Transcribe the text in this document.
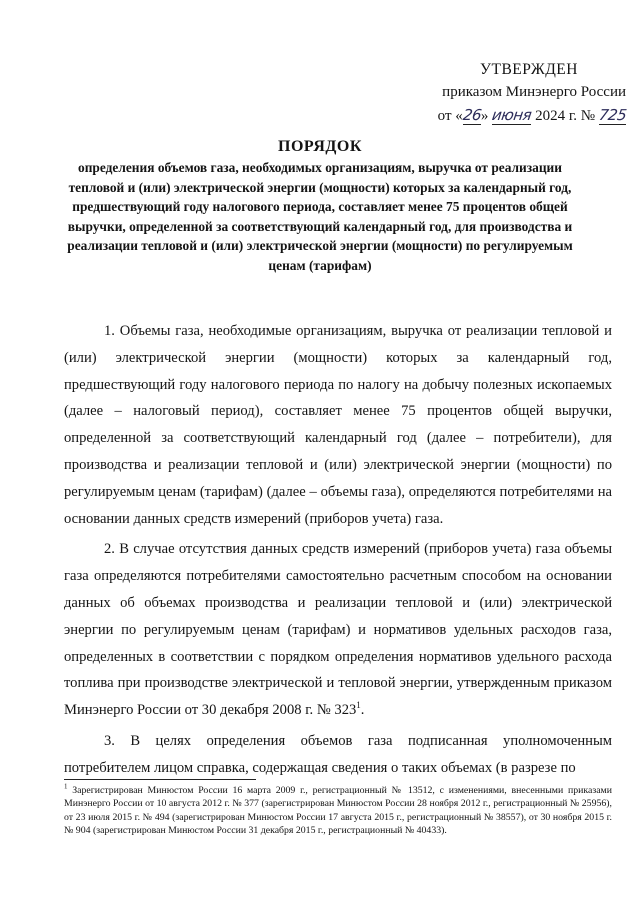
УТВЕРЖДЕН
приказом Минэнерго России
от «26» июня 2024 г. № 725
ПОРЯДОК
определения объемов газа, необходимых организациям, выручка от реализации тепловой и (или) электрической энергии (мощности) которых за календарный год, предшествующий году налогового периода, составляет менее 75 процентов общей выручки, определенной за соответствующий календарный год, для производства и реализации тепловой и (или) электрической энергии (мощности) по регулируемым ценам (тарифам)

1. Объемы газа, необходимые организациям, выручка от реализации тепловой и (или) электрической энергии (мощности) которых за календарный год, предшествующий году налогового периода по налогу на добычу полезных ископаемых (далее – налоговый период), составляет менее 75 процентов общей выручки, определенной за соответствующий календарный год (далее – потребители), для производства и реализации тепловой и (или) электрической энергии (мощности) по регулируемым ценам (тарифам) (далее – объемы газа), определяются потребителями на основании данных средств измерений (приборов учета) газа.

2. В случае отсутствия данных средств измерений (приборов учета) газа объемы газа определяются потребителями самостоятельно расчетным способом на основании данных об объемах производства и реализации тепловой и (или) электрической энергии по регулируемым ценам (тарифам) и нормативов удельных расходов газа, определенных в соответствии с порядком определения нормативов удельного расхода топлива при производстве электрической и тепловой энергии, утвержденным приказом Минэнерго России от 30 декабря 2008 г. № $323^1$.

3. В целях определения объемов газа подписанная уполномоченным потребителем лицом справка, содержащая сведения о таких объемах (в разрезе по

$^1$ Зарегистрирован Минюстом России 16 марта 2009 г., регистрационный № 13512, с изменениями, внесенными приказами Минэнерго России от 10 августа 2012 г. № 377 (зарегистрирован Минюстом России 28 ноября 2012 г., регистрационный № 25956), от 23 июля 2015 г. № 494 (зарегистрирован Минюстом России 17 августа 2015 г., регистрационный № 38557), от 30 ноября 2015 г. № 904 (зарегистрирован Минюстом России 31 декабря 2015 г., регистрационный № 40433).
